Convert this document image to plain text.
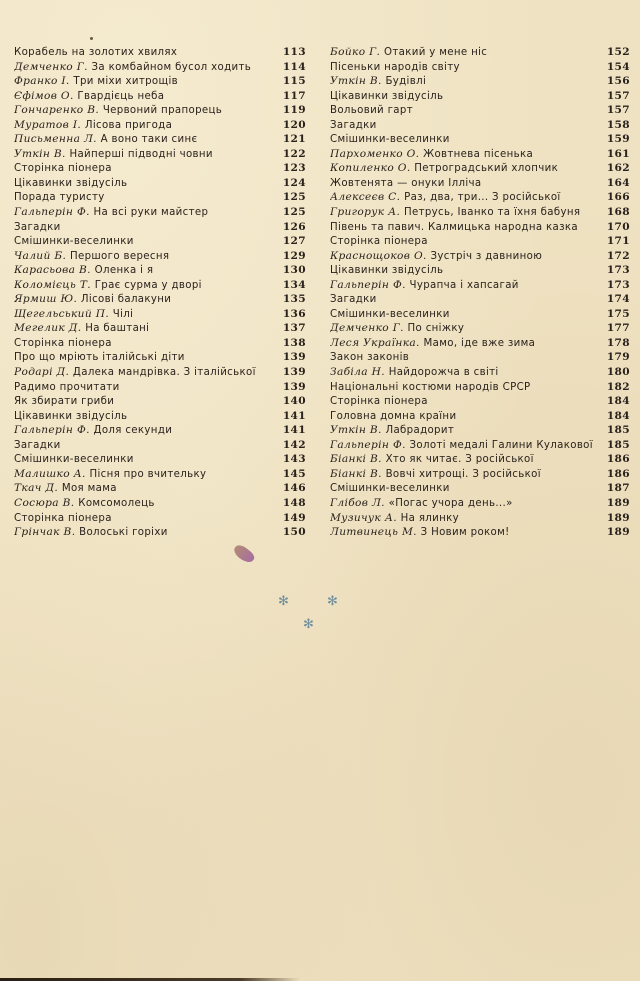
Корабель на золотих хвилях	113
Демченко Г. За комбайном бусол ходить	114
Франко І. Три міхи хитрощів	115
Єфімов О. Гвардієць неба	117
Гончаренко В. Червоний прапорець	119
Муратов І. Лісова пригода	120
Письменна Л. А воно таки синє	121
Уткін В. Найперші підводні човни	122
Сторінка піонера	123
Цікавинки звідусіль	124
Порада туристу	125
Гальперін Ф. На всі руки майстер	125
Загадки	126
Смішинки-веселинки	127
Чалий Б. Першого вересня	129
Карасьова В. Оленка і я	130
Коломієць Т. Грає сурма у дворі	134
Ярмиш Ю. Лісові балакуни	135
Щегельський П. Чілі	136
Мегелик Д. На баштані	137
Сторінка піонера	138
Про що мріють італійські діти	139
Родарі Д. Далека мандрівка. З італійської	139
Радимо прочитати	139
Як збирати гриби	140
Цікавинки звідусіль	141
Гальперін Ф. Доля секунди	141
Загадки	142
Смішинки-веселинки	143
Малишко А. Пісня про вчительку	145
Ткач Д. Моя мама	146
Сосюра В. Комсомолець	148
Сторінка піонера	149
Грінчак В. Волоські горіхи	150
Бойко Г. Отакий у мене ніс	152
Пісеньки народів світу	154
Уткін В. Будівлі	156
Цікавинки звідусіль	157
Вольовий гарт	157
Загадки	158
Смішинки-веселинки	159
Пархоменко О. Жовтнева пісенька	161
Копиленко О. Петроградський хлопчик	162
Жовтенята — онуки Ілліча	164
Алексеєв С. Раз, два, три... З російської	166
Григорук А. Петрусь, Іванко та їхня бабуня 168
Півень та павич. Калмицька народна казка	170
Сторінка піонера	171
Краснощоков О. Зустріч з давниною	172
Цікавинки звідусіль	173
Гальперін Ф. Чурапча і хапсагай	173
Загадки	174
Смішинки-веселинки	175
Демченко Г. По сніжку	177
Леся Українка. Мамо, іде вже зима	178
Закон законів	179
Забіла Н. Найдорожча в світі	180
Національні костюми народів СРСР	182
Сторінка піонера	184
Головна домна країни	184
Уткін В. Лабрадорит	185
Гальперін Ф. Золоті медалі Галини Кулакової 185
Біанкі В. Хто як читає. З російської	186
Біанкі В. Вовчі хитрощі. З російської	186
Смішинки-веселинки	187
Глібов Л. «Погас учора день...»	189
Музичук А. На ялинку	189
Литвинець М. З Новим роком!	189
✻	✻
✻
